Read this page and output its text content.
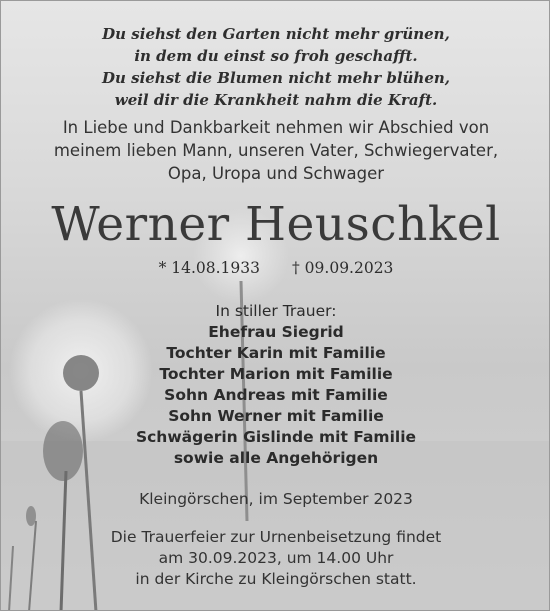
Du siehst den Garten nicht mehr grünen,
in dem du einst so froh geschafft.
Du siehst die Blumen nicht mehr blühen,
weil dir die Krankheit nahm die Kraft.
In Liebe und Dankbarkeit nehmen wir Abschied von
meinem lieben Mann, unseren Vater, Schwiegervater,
Opa, Uropa und Schwager
Werner Heuschkel
* 14.08.1933 † 09.09.2023
In stiller Trauer:
Ehefrau Siegrid
Tochter Karin mit Familie
Tochter Marion mit Familie
Sohn Andreas mit Familie
Sohn Werner mit Familie
Schwägerin Gislinde mit Familie
sowie alle Angehörigen
Kleingörschen, im September 2023
Die Trauerfeier zur Urnenbeisetzung findet
am 30.09.2023, um 14.00 Uhr
in der Kirche zu Kleingörschen statt.
